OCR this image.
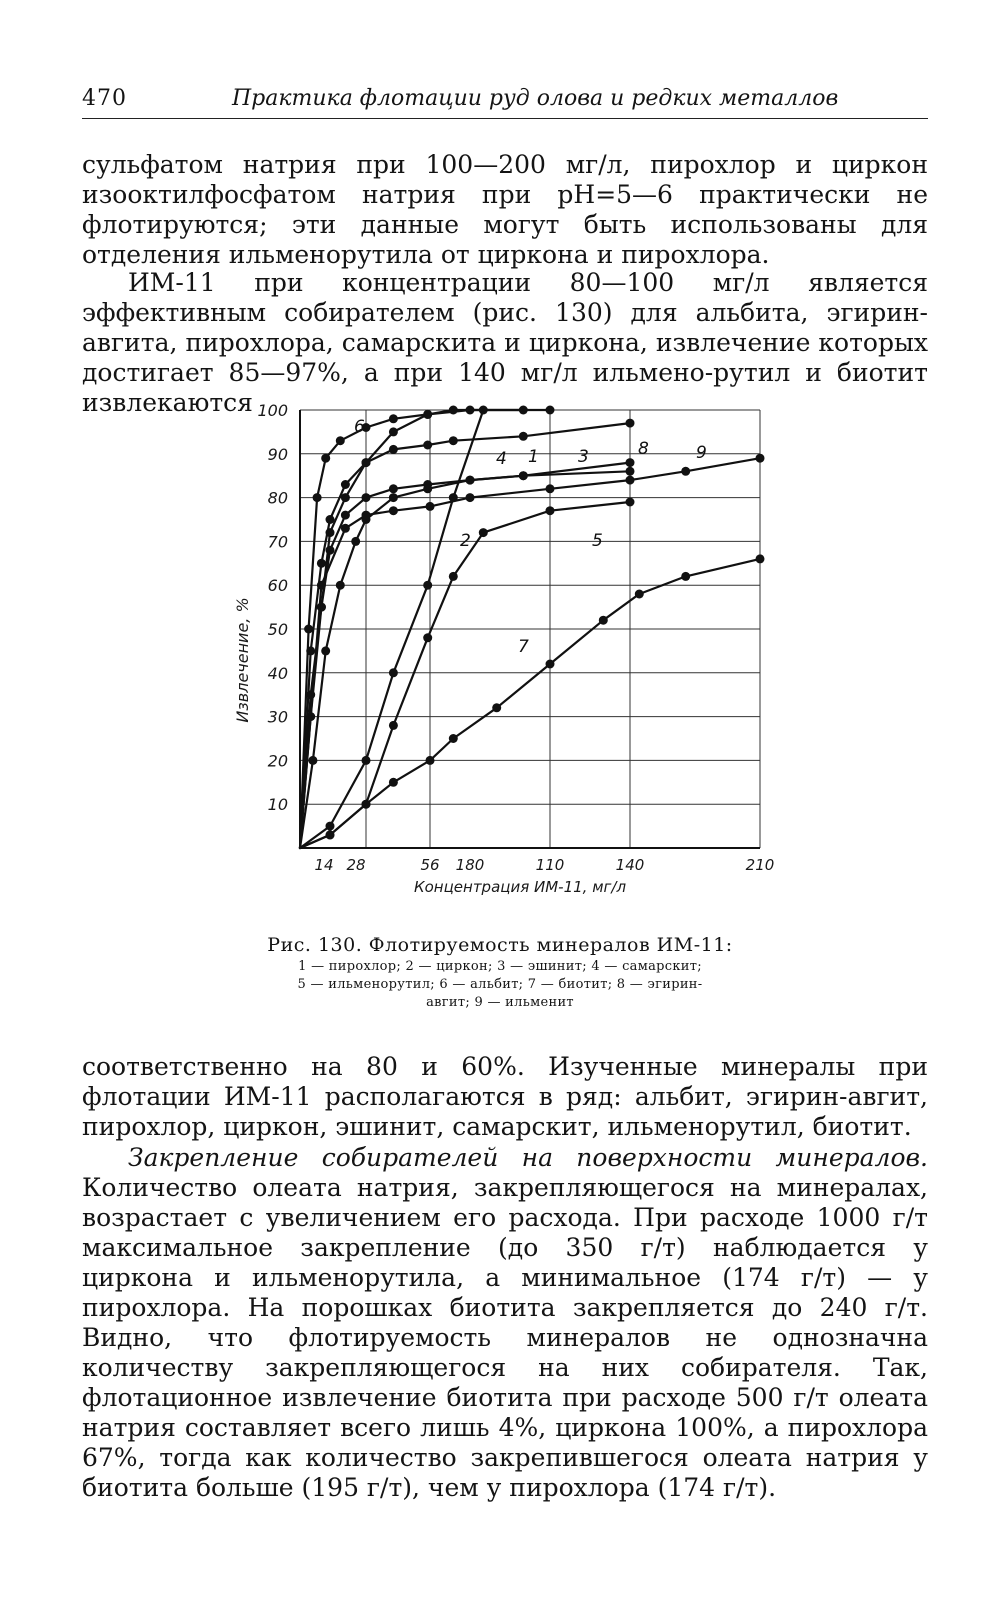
470	Практика флотации руд олова и редких металлов

сульфатом натрия при 100—200 мг/л, пирохлор и циркон изооктилфосфатом натрия при pH=5—6 практически не флотируются; эти данные могут быть использованы для отделения ильменорутила от циркона и пирохлора.

ИМ-11 при концентрации 80—100 мг/л является эффективным собирателем (рис. 130) для альбита, эгирин-авгита, пирохлора, самарскита и циркона, извлечение которых достигает 85—97%, а при 140 мг/л ильмено-рутил и биотит извлекаются

1
2
3
4
5
6
7
8	9
100
90
80
70
60
50
40
30
20
10
14 28	56 180	110	140	210
Извлечение, %
Концентрация ИМ-11, мг/л
Рис. 130. Флотируемость минералов ИМ-11:
1 — пирохлор; 2 — циркон; 3 — эшинит; 4 — самарскит;
5 — ильменорутил; 6 — альбит; 7 — биотит; 8 — эгирин-
авгит; 9 — ильменит

соответственно на 80 и 60%. Изученные минералы при флотации ИМ-11 располагаются в ряд: альбит, эгирин-авгит, пирохлор, циркон, эшинит, самарскит, ильменорутил, биотит.

Закрепление собирателей на поверхности минералов. Количество олеата натрия, закрепляющегося на минералах, возрастает с увеличением его расхода. При расходе 1000 г/т максимальное закрепление (до 350 г/т) наблюдается у циркона и ильменорутила, а минимальное (174 г/т) — у пирохлора. На порошках биотита закрепляется до 240 г/т. Видно, что флотируемость минералов не однозначна количеству закрепляющегося на них собирателя. Так, флотационное извлечение биотита при расходе 500 г/т олеата натрия составляет всего лишь 4%, циркона 100%, а пирохлора 67%, тогда как количество закрепившегося олеата натрия у биотита больше (195 г/т), чем у пирохлора (174 г/т).
